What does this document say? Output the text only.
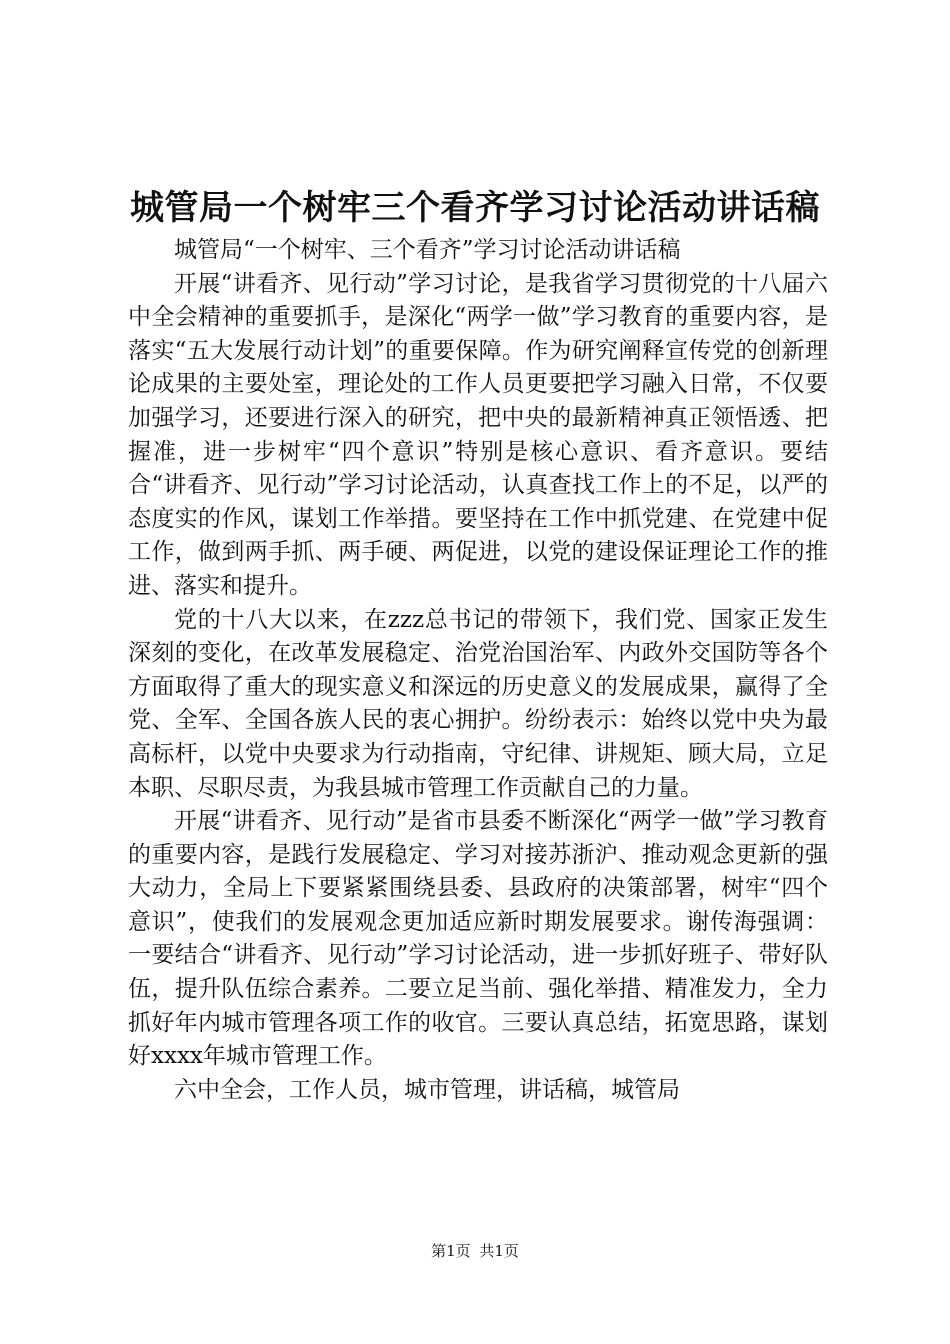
城管局一个树牢三个看齐学习讨论活动讲话稿

城管局“一个树牢、三个看齐”学习讨论活动讲话稿

开展“讲看齐、见行动”学习讨论，是我省学习贯彻党的十八届六中全会精神的重要抓手，是深化“两学一做”学习教育的重要内容，是落实“五大发展行动计划”的重要保障。作为研究阐释宣传党的创新理论成果的主要处室，理论处的工作人员更要把学习融入日常，不仅要加强学习，还要进行深入的研究，把中央的最新精神真正领悟透、把握准，进一步树牢“四个意识”特别是核心意识、看齐意识。要结合“讲看齐、见行动”学习讨论活动，认真查找工作上的不足，以严的态度实的作风，谋划工作举措。要坚持在工作中抓党建、在党建中促工作，做到两手抓、两手硬、两促进，以党的建设保证理论工作的推进、落实和提升。

党的十八大以来，在zzz总书记的带领下，我们党、国家正发生深刻的变化，在改革发展稳定、治党治国治军、内政外交国防等各个方面取得了重大的现实意义和深远的历史意义的发展成果，赢得了全党、全军、全国各族人民的衷心拥护。纷纷表示：始终以党中央为最高标杆，以党中央要求为行动指南，守纪律、讲规矩、顾大局，立足本职、尽职尽责，为我县城市管理工作贡献自己的力量。

开展“讲看齐、见行动”是省市县委不断深化“两学一做”学习教育的重要内容，是践行发展稳定、学习对接苏浙沪、推动观念更新的强大动力，全局上下要紧紧围绕县委、县政府的决策部署，树牢“四个意识”，使我们的发展观念更加适应新时期发展要求。谢传海强调：一要结合“讲看齐、见行动”学习讨论活动，进一步抓好班子、带好队伍，提升队伍综合素养。二要立足当前、强化举措、精准发力，全力抓好年内城市管理各项工作的收官。三要认真总结，拓宽思路，谋划好xxxx年城市管理工作。

六中全会，工作人员，城市管理，讲话稿，城管局

第1页 共1页
